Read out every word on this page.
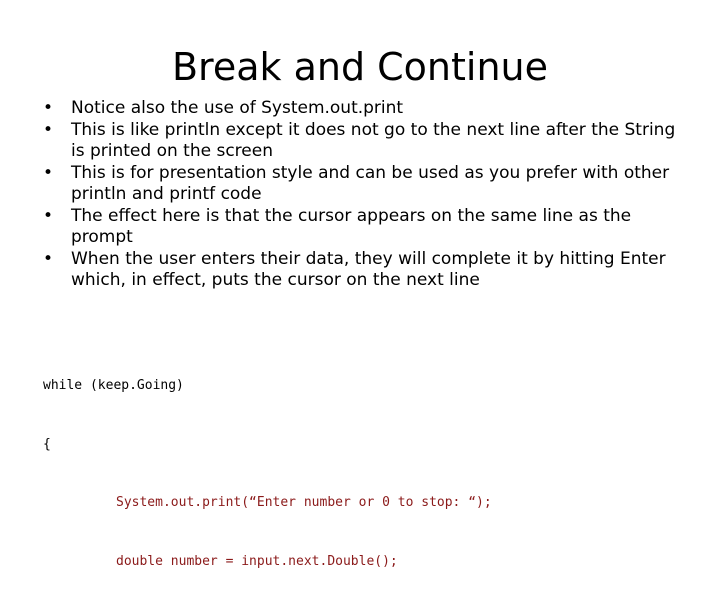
Break and Continue
• Notice also the use of System.out.print
• This is like println except it does not go to the next line after the String is printed on the screen
• This is for presentation style and can be used as you prefer with other println and printf code
• The effect here is that the cursor appears on the same line as the prompt
• When the user enters their data, they will complete it by hitting Enter which, in effect, puts the cursor on the next line

while (keep.Going)

{

System.out.print(“Enter number or 0 to stop: “);

double number = input.next.Double();
